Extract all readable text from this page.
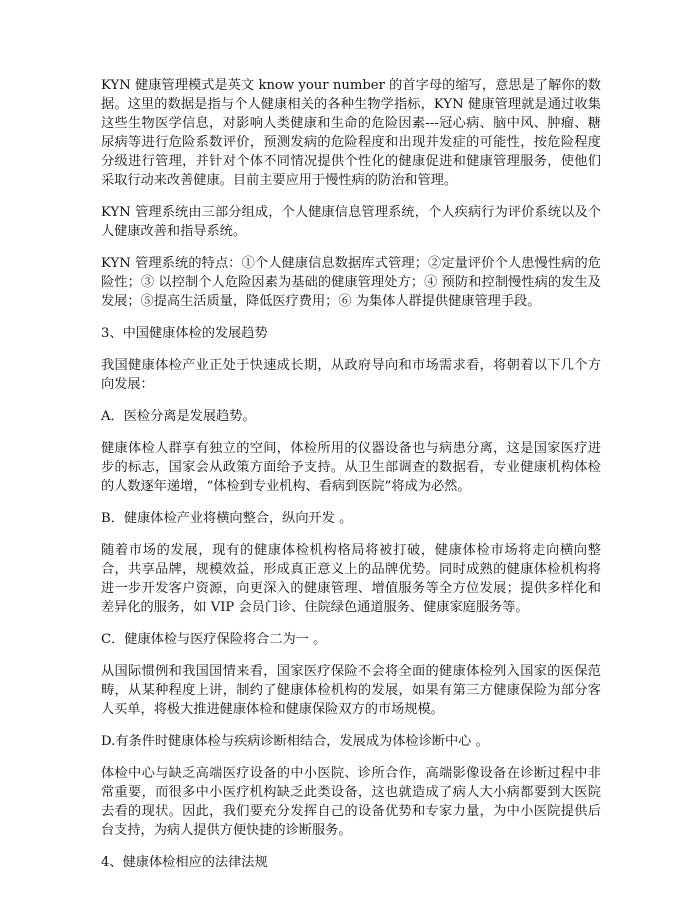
KYN 健康管理模式是英文 know your number 的首字母的缩写，意思是了解你的数据。这里的数据是指与个人健康相关的各种生物学指标，KYN 健康管理就是通过收集这些生物医学信息，对影响人类健康和生命的危险因素---冠心病、脑中风、肿瘤、糖尿病等进行危险系数评价，预测发病的危险程度和出现并发症的可能性，按危险程度分级进行管理，并针对个体不同情况提供个性化的健康促进和健康管理服务，使他们采取行动来改善健康。目前主要应用于慢性病的防治和管理。

KYN 管理系统由三部分组成，个人健康信息管理系统，个人疾病行为评价系统以及个人健康改善和指导系统。

KYN 管理系统的特点：①个人健康信息数据库式管理；②定量评价个人患慢性病的危险性；③ 以控制个人危险因素为基础的健康管理处方；④ 预防和控制慢性病的发生及发展；⑤提高生活质量，降低医疗费用；⑥ 为集体人群提供健康管理手段。

3、中国健康体检的发展趋势

我国健康体检产业正处于快速成长期，从政府导向和市场需求看，将朝着以下几个方向发展：

A．医检分离是发展趋势。

健康体检人群享有独立的空间，体检所用的仪器设备也与病患分离，这是国家医疗进步的标志，国家会从政策方面给予支持。从卫生部调查的数据看，专业健康机构体检的人数逐年递增，“体检到专业机构、看病到医院”将成为必然。

B．健康体检产业将横向整合，纵向开发 。

随着市场的发展，现有的健康体检机构格局将被打破，健康体检市场将走向横向整合，共享品牌，规模效益，形成真正意义上的品牌优势。同时成熟的健康体检机构将进一步开发客户资源，向更深入的健康管理、增值服务等全方位发展；提供多样化和差异化的服务，如 VIP 会员门诊、住院绿色通道服务、健康家庭服务等。

C．健康体检与医疗保险将合二为一 。

从国际惯例和我国国情来看，国家医疗保险不会将全面的健康体检列入国家的医保范畴，从某种程度上讲，制约了健康体检机构的发展，如果有第三方健康保险为部分客人买单，将极大推进健康体检和健康保险双方的市场规模。

D.有条件时健康体检与疾病诊断相结合，发展成为体检诊断中心 。

体检中心与缺乏高端医疗设备的中小医院、诊所合作，高端影像设备在诊断过程中非常重要，而很多中小医疗机构缺乏此类设备，这也就造成了病人大小病都要到大医院去看的现状。因此，我们要充分发挥自己的设备优势和专家力量，为中小医院提供后台支持，为病人提供方便快捷的诊断服务。

4、健康体检相应的法律法规
